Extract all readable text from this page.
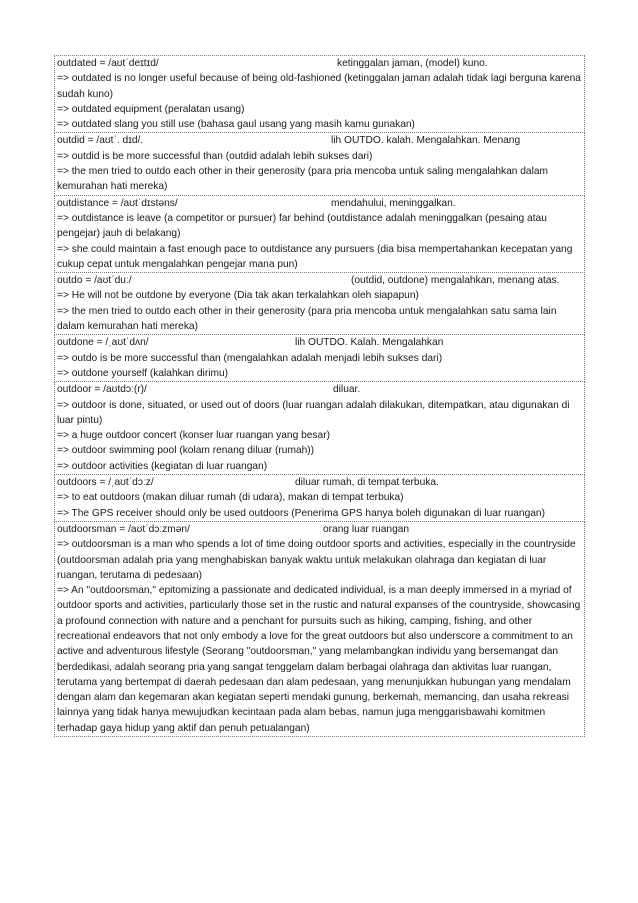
outdated = /aʊtˈdeɪtɪd/	ketinggalan jaman, (model) kuno.
=> outdated is no longer useful because of being old-fashioned (ketinggalan jaman adalah tidak lagi berguna karena sudah kuno)
=> outdated equipment (peralatan usang)
=> outdated slang you still use (bahasa gaul usang yang masih kamu gunakan)
outdid = /aʊtˈ. dɪd/.	lih OUTDO. kalah. Mengalahkan. Menang
=> outdid is be more successful than (outdid adalah lebih sukses dari)
=> the men tried to outdo each other in their generosity (para pria mencoba untuk saling mengalahkan dalam kemurahan hati mereka)
outdistance = /aʊtˈdɪstəns/	mendahului, meninggalkan.
=> outdistance is leave (a competitor or pursuer) far behind (outdistance adalah meninggalkan (pesaing atau pengejar) jauh di belakang)
=> she could maintain a fast enough pace to outdistance any pursuers (dia bisa mempertahankan kecepatan yang cukup cepat untuk mengalahkan pengejar mana pun)
outdo = /aʊtˈduː/	(outdid, outdone) mengalahkan, menang atas.
=> He will not be outdone by everyone (Dia tak akan terkalahkan oleh siapapun)
=> the men tried to outdo each other in their generosity (para pria mencoba untuk mengalahkan satu sama lain dalam kemurahan hati mereka)
outdone = /ˌaʊtˈdʌn/	lih OUTDO. Kalah. Mengalahkan
=> outdo is be more successful than (mengalahkan adalah menjadi lebih sukses dari)
=> outdone yourself (kalahkan dirimu)
outdoor = /aʊtdɔː(r)/	diluar.
=> outdoor is done, situated, or used out of doors (luar ruangan adalah dilakukan, ditempatkan, atau digunakan di luar pintu)
=> a huge outdoor concert (konser luar ruangan yang besar)
=> outdoor swimming pool (kolam renang diluar (rumah))
=> outdoor activities (kegiatan di luar ruangan)
outdoors = /ˌaʊtˈdɔːz/	diluar rumah, di tempat terbuka.
=> to eat outdoors (makan diluar rumah (di udara), makan di tempat terbuka)
=> The GPS receiver should only be used outdoors (Penerima GPS hanya boleh digunakan di luar ruangan)
outdoorsman = /aʊtˈdɔːzmən/	orang luar ruangan
=> outdoorsman is a man who spends a lot of time doing outdoor sports and activities, especially in the countryside (outdoorsman adalah pria yang menghabiskan banyak waktu untuk melakukan olahraga dan kegiatan di luar ruangan, terutama di pedesaan)
=> An "outdoorsman," epitomizing a passionate and dedicated individual, is a man deeply immersed in a myriad of outdoor sports and activities, particularly those set in the rustic and natural expanses of the countryside, showcasing a profound connection with nature and a penchant for pursuits such as hiking, camping, fishing, and other recreational endeavors that not only embody a love for the great outdoors but also underscore a commitment to an active and adventurous lifestyle (Seorang "outdoorsman," yang melambangkan individu yang bersemangat dan berdedikasi, adalah seorang pria yang sangat tenggelam dalam berbagai olahraga dan aktivitas luar ruangan, terutama yang bertempat di daerah pedesaan dan alam pedesaan, yang menunjukkan hubungan yang mendalam dengan alam dan kegemaran akan kegiatan seperti mendaki gunung, berkemah, memancing, dan usaha rekreasi lainnya yang tidak hanya mewujudkan kecintaan pada alam bebas, namun juga menggarisbawahi komitmen terhadap gaya hidup yang aktif dan penuh petualangan)
